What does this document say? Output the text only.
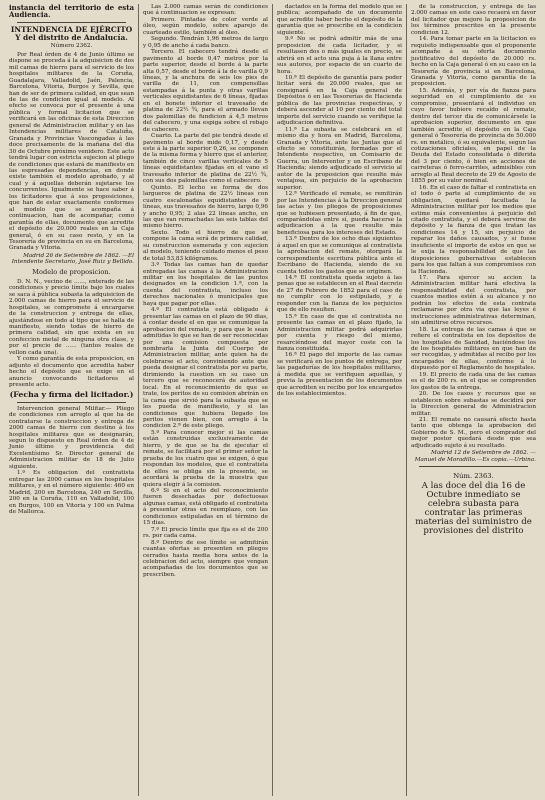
instancia del territorio de esta Audiencia.

INTENDENCIA DE EJÉRCITO Y del distrito de Andalucía.

Número 2362.

Por Real órden de 4 de Junio último se dispone se proceda á la adquisicion de dos mil camas de hierro para el servicio de los hospitales militares de la Coruña, Guadalajara, Valladolid, Jaén, Palencia, Barcelona, Vitoria, Burgos y Sevilla, que han de ser de primera calidad, en que sean de las de condicion igual al modelo. Al efecto se convoca por el presente á una pública y formal licitacion que se verificará en las oficinas de esta Direccion general de Administracion militar y en las Intendencias militares de Cataluña, Granada y Provincias Vascongadas á las doce precisamente de la mañana del dia 30 de Octubre próximo venidero. Este acto tendrá lugar con estricta sujecion al pliego de condiciones que estará de manifiesto en las espresadas dependencias, en donde existe también el modelo aprobado, y al cual y á aquellas deberán sujetarse los concurrentes. Igualmente se hace saber á los licitadores que á sus proposiciones, que han de estar exactamente conformes al modelo que se acompaña á continuacion, han de acompañar, como garantía de ellas, documento que acredite el depósito de 20.000 reales en la Caja general, ó en su caso resto, y en la Tesorería de provincia en su en Barcelona, Granada y Vitoria.

Madrid 26 de Setiembre de 1862. —El Intendente Secretario, José Ruiz y Bellido.

Modelo de proposicion.

D. N. N., vecino de ......, enterado de las condiciones y precio límite bajo los cuales se saca á pública subasta la adquisicion de 2.000 camas de hierro para el servicio de hospitales, se compromete á encargarse de la construccion y entrega de ellas, ajustándose en todo al tipo que se halla de manifiesto, siendo todas de hierro de primera calidad, sin que exista en su confeccion metal de ninguna otra clase, y por el precio de ...... (tantos reales de vellon cada una).

Y como garantía de esta proposicion, en adjunto el documento que acredita haber hecho el depósito que se exige en el anuncio convocando licitadores al presente acto.

(Fecha y firma del licitador.)

Intervencion general Militar.— Pliego de condiciones con arreglo al que ha de contratarse la construccion y entrega de 2000 camas de hierro con destino á los hospitales militares que se designarán, segun lo dispuesto en Real órden de 4 de Junio último y providencia del Excelentísimo Sr. Director general de Administracion militar de 18 de Julio siguiente.

1.º Es obligacion del contratista entregar las 2000 camas en los hospitales militares, y en el número siguiente: 460 en Madrid, 200 en Barcelona, 240 en Sevilla, 200 en la Coruña, 110 en Valladolid, 100 en Burgos, 100 en Vitoria y 100 en Palma de Mallorca.

Las 2.000 camas serán de condiciones que á continuacion se expresan:

Primero. Pintadas de color verde al óleo, según modelo, sobre aparejo de cuarteado estilo, también al óleo.

Segundo. Tendrán 1,96 metros de largo y 0,95 de ancho á cada banco.

Tercero. El cabecero tendrá desde el pavimento al borde 0,47 metros por la parte superior, desde el borde á la parte alta 0,57, desde el borde á la de varilla 0,9 líneas, y la anchura de seis los pies de varilla de 11, con compensillas estampadas á la punta y otras varillas verticales equidistantes de 6 líneas, fijadas en el bonete inferior el travesaño de platina de 22½ ¾, para el armado llevan dos palomillas de fundicion á 4,5 metros del cabecero, y una espiga sobre el rebajo de cabecero.

Cuarto. La parte del pie tendrá desde el pavimento al borde mide 0,17, y desde este á la parte superior 0,26, se componen de la misma forma y hierro que el anterior, también de cinco varillas verticales de 5 líneas equidistantes fijadas en el vano el travesaño inferior de platina de 22½ ¾, con sus dos palomillas como el cabecero.

Quinto. El lecho se forma de dos largueros de platina de 22½ líneas con cuatro escalonadas equidistantes de 9 líneas, sus travesaños de hierro, largo 0,96 y ancho 0,95; 2 alas 22 líneas ancho, en las que van remachadas las seis tablas del mismo hierro.

Sexto. Todo el hierro de que se compone la cama será de primera calidad, su construccion esmerada y con sujecion al modelo, teniendo cuidado menos el peso de total 53,83 kilógramos.

3.º Todas las camas han de quedar entregadas las camas á la Administracion militar en los hospitales de las puntos designados en la condicion 1.ª, con la cuenta del contratista, incluso los derechos nacionales ó municipales que haya que pagar por ellas.

4.º El contratista está obligado á presentar las camas en el plazo de 90 dias, á contar desde el en que se comunique la aprobacion del remate, y para que le sean admitidas lo que se han de ser reconocidas por una comision compuesta por nombrarla la Junta del Cuerpo de Administracion militar, ante quien ha de celebrarse el acto, conviniendo ante que pueda designar el contratista por su parte, dirimiendo la cuestion en su caso un tercero que se reconocerá de autoridad local. En el reconocimiento de que se trate, los peritos de su comision abrirán en la cama que sirvió para la subasta que se les pueda de manifiesto, y si las condiciones que hubiera llegado los peritos vienen bien, con arreglo á la condicion 2.ª de este pliego.

5.º Para conocer mejor si las camas están construidas exclusivamente de hierro, y de que se ha de ejecutar el remate, se facilitará por el primer señor la prueba de los cuatro que se exigen, ó que respondan los modelos, que el contratista de ellos se obliga sin la presente, se acordará la prueba de la muestra que quiera elegir á la comision.

6.º Si en el acto del reconocimiento fueren desechadas por defectuosas algunas camas, está obligado el contratista á presentar otras en reemplazo, con las condiciones estipuladas en el término de 15 dias.

7.º El precio límite que fija es el de 200 rs. por cada cama.

8.º Dentro de ese límite se admitirán cuantas ofertas se presenten en pliegos cerrados hasta media hora antes de la celebracion del acto, siempre que vengan acompañadas de los documentos que se prescriben.

dactados en la forma del modelo que se publica; acompañado de un documento que acredite haber hecho el depósito de la garantía que se prescribe en la condicion siguiente.

9.º No se podrá admitir más de una proposicion de cada licitador, y si resultasen dos o más iguales en precio, se abrirá en el acto una puja á la llana entre sus autores, por espacio de un cuarto de hora.

10.ª El depósito de garantía para poder licitar será de 20.000 reales, que se consignará en la Caja general de Depósitos ó en las Tesorerías de Hacienda pública de las provincias respectivas, y deberá ascender al 10 por ciento del total importe del servicio cuando se verifique la adjudicacion definitiva.

11.ª La subasta se celebrará en el mismo dia y hora en Madrid, Barcelona, Granada y Vitoria, ante las Juntas que al efecto se constituirán, formadas por el Intendente respectivo, un Comisario de Guerra, un Interventor y un Escribano de Hacienda; siendo adjudicado el servicio al autor de la proposicion que resulte más ventajosa, sin perjuicio de la aprobacion superior.

12.ª Verificado el remate, se remitirán por las Intendencias á la Direccion general las actas y los pliegos de proposiciones que se hubiesen presentado, á fin de que, comparándolas entre sí, pueda hacerse la adjudicacion á la que resulte más beneficiosa para los intereses del Estado.

13.ª Dentro de los ocho dias siguientes á aquel en que se comunique al contratista la aprobacion del remate, otorgará la correspondiente escritura pública ante el Escribano de Hacienda, siendo de su cuenta todos los gastos que se originen.

14.ª El contratista queda sujeto á las penas que se establecen en el Real decreto de 27 de Febrero de 1852 para el caso de no cumplir con lo estipulado, y á responder con la fianza de los perjuicios que de ello resulten.

15.ª En caso de que el contratista no presente las camas en el plazo fijado, la Administracion militar podrá adquirirlas por cuenta y riesgo del mismo, resarciéndose del mayor coste con la fianza constituida.

16.ª El pago del importe de las camas se verificará en los puntos de entrega, por las pagadurías de los hospitales militares, á medida que se verifiquen aquellas, y previa la presentacion de los documentos que acrediten su recibo por los encargados de los establecimientos.

de la construccion, y entrega de las 2.000 camas en este caso recaerá en favor del licitador que mejore la proposicion de los términos prescritos en la presente condicion 12.

14. Para tomar parte en la licitacion es requisito indispensable que el proponente acompañe á su oferta documento justificativo del depósito de 20.000 rs. hecho en la Caja general ó en su caso en la Tesorería de provincia si en Barcelona, Granada y Vitoria, como garantía de la proposicion.

15. Además, y por vía de fianza para seguridad en el cumplimiento de su compromiso, presentará el individuo en cuyo favor hubiere recaído el remate, dentro del tercer dia de comunicársele la aprobacion superior, documento en que también acredite el depósito en la Caja general ó Tesorería de provincia de 50.000 rs. en metálico, ó su equivalente, segun las cotizaciones oficiales, en papel de la Deuda del Estado consolidada ó diferida del 3 por ciento, ó bien en acciones de carreteras ó ferro-carriles, admisibles con arreglo al Real decreto de 29 de Agosto de 1855 por su valor nominal.

16. En el caso de faltar el contratista en el todo ó parte al cumplimiento de su obligacion, quedará facultada la Administracion militar por los medios que estime más convenientes á perjuicio del citado contratista, y el deberá servirse de depósito y la fianza de que tratan las condiciones 14 y 15, sin perjuicio de reparar los daños causados, y si fuese insuficiente el importe de estos en que se le exija la responsabilidad de que las disposiciones gubernativas establecen para los que faltan á sus compromisos con la Hacienda.

17. Para ejercer su accion la Administracion militar hará efectiva la responsabilidad del contratista, por cuantos medios estén á su alcance y no podrán los efectos de esta contrata reclamarse por otra via que las leyes é instrucciones administrativas determinan, sin admitirse otros recursos.

18. La entrega de las camas á que se refiere el contratista en los depósitos de los hospitales de Sanidad, haciéndose los de los hospitales militares en que han de ser recogidas, y admitidas al recibo por los encargados de ellas, conforme á lo dispuesto por el Reglamento de hospitales.

19. El precio de cada una de las camas es el de 200 rs. en el que se comprenden los gastos de la entrega.

20. De los casos y recursos que se establecen sobre subastas se decidirá por la Direccion general de Administracion militar.

21. El remate no causará efecto hasta tanto que obtenga la aprobacion del Gobierno de S. M., pero el comprador del mejor postor quedará desde que sea adjudicado sujeto á su resultado.

Madrid 12 de Setiembre de 1862. —Manuel de Moradillo.—Es copia.—Urbina.

Núm. 2363.

A las doce del dia 16 de Octubre inmediato se celebra subasta para contratar las primeras materias del suministro de provisiones del distrito
